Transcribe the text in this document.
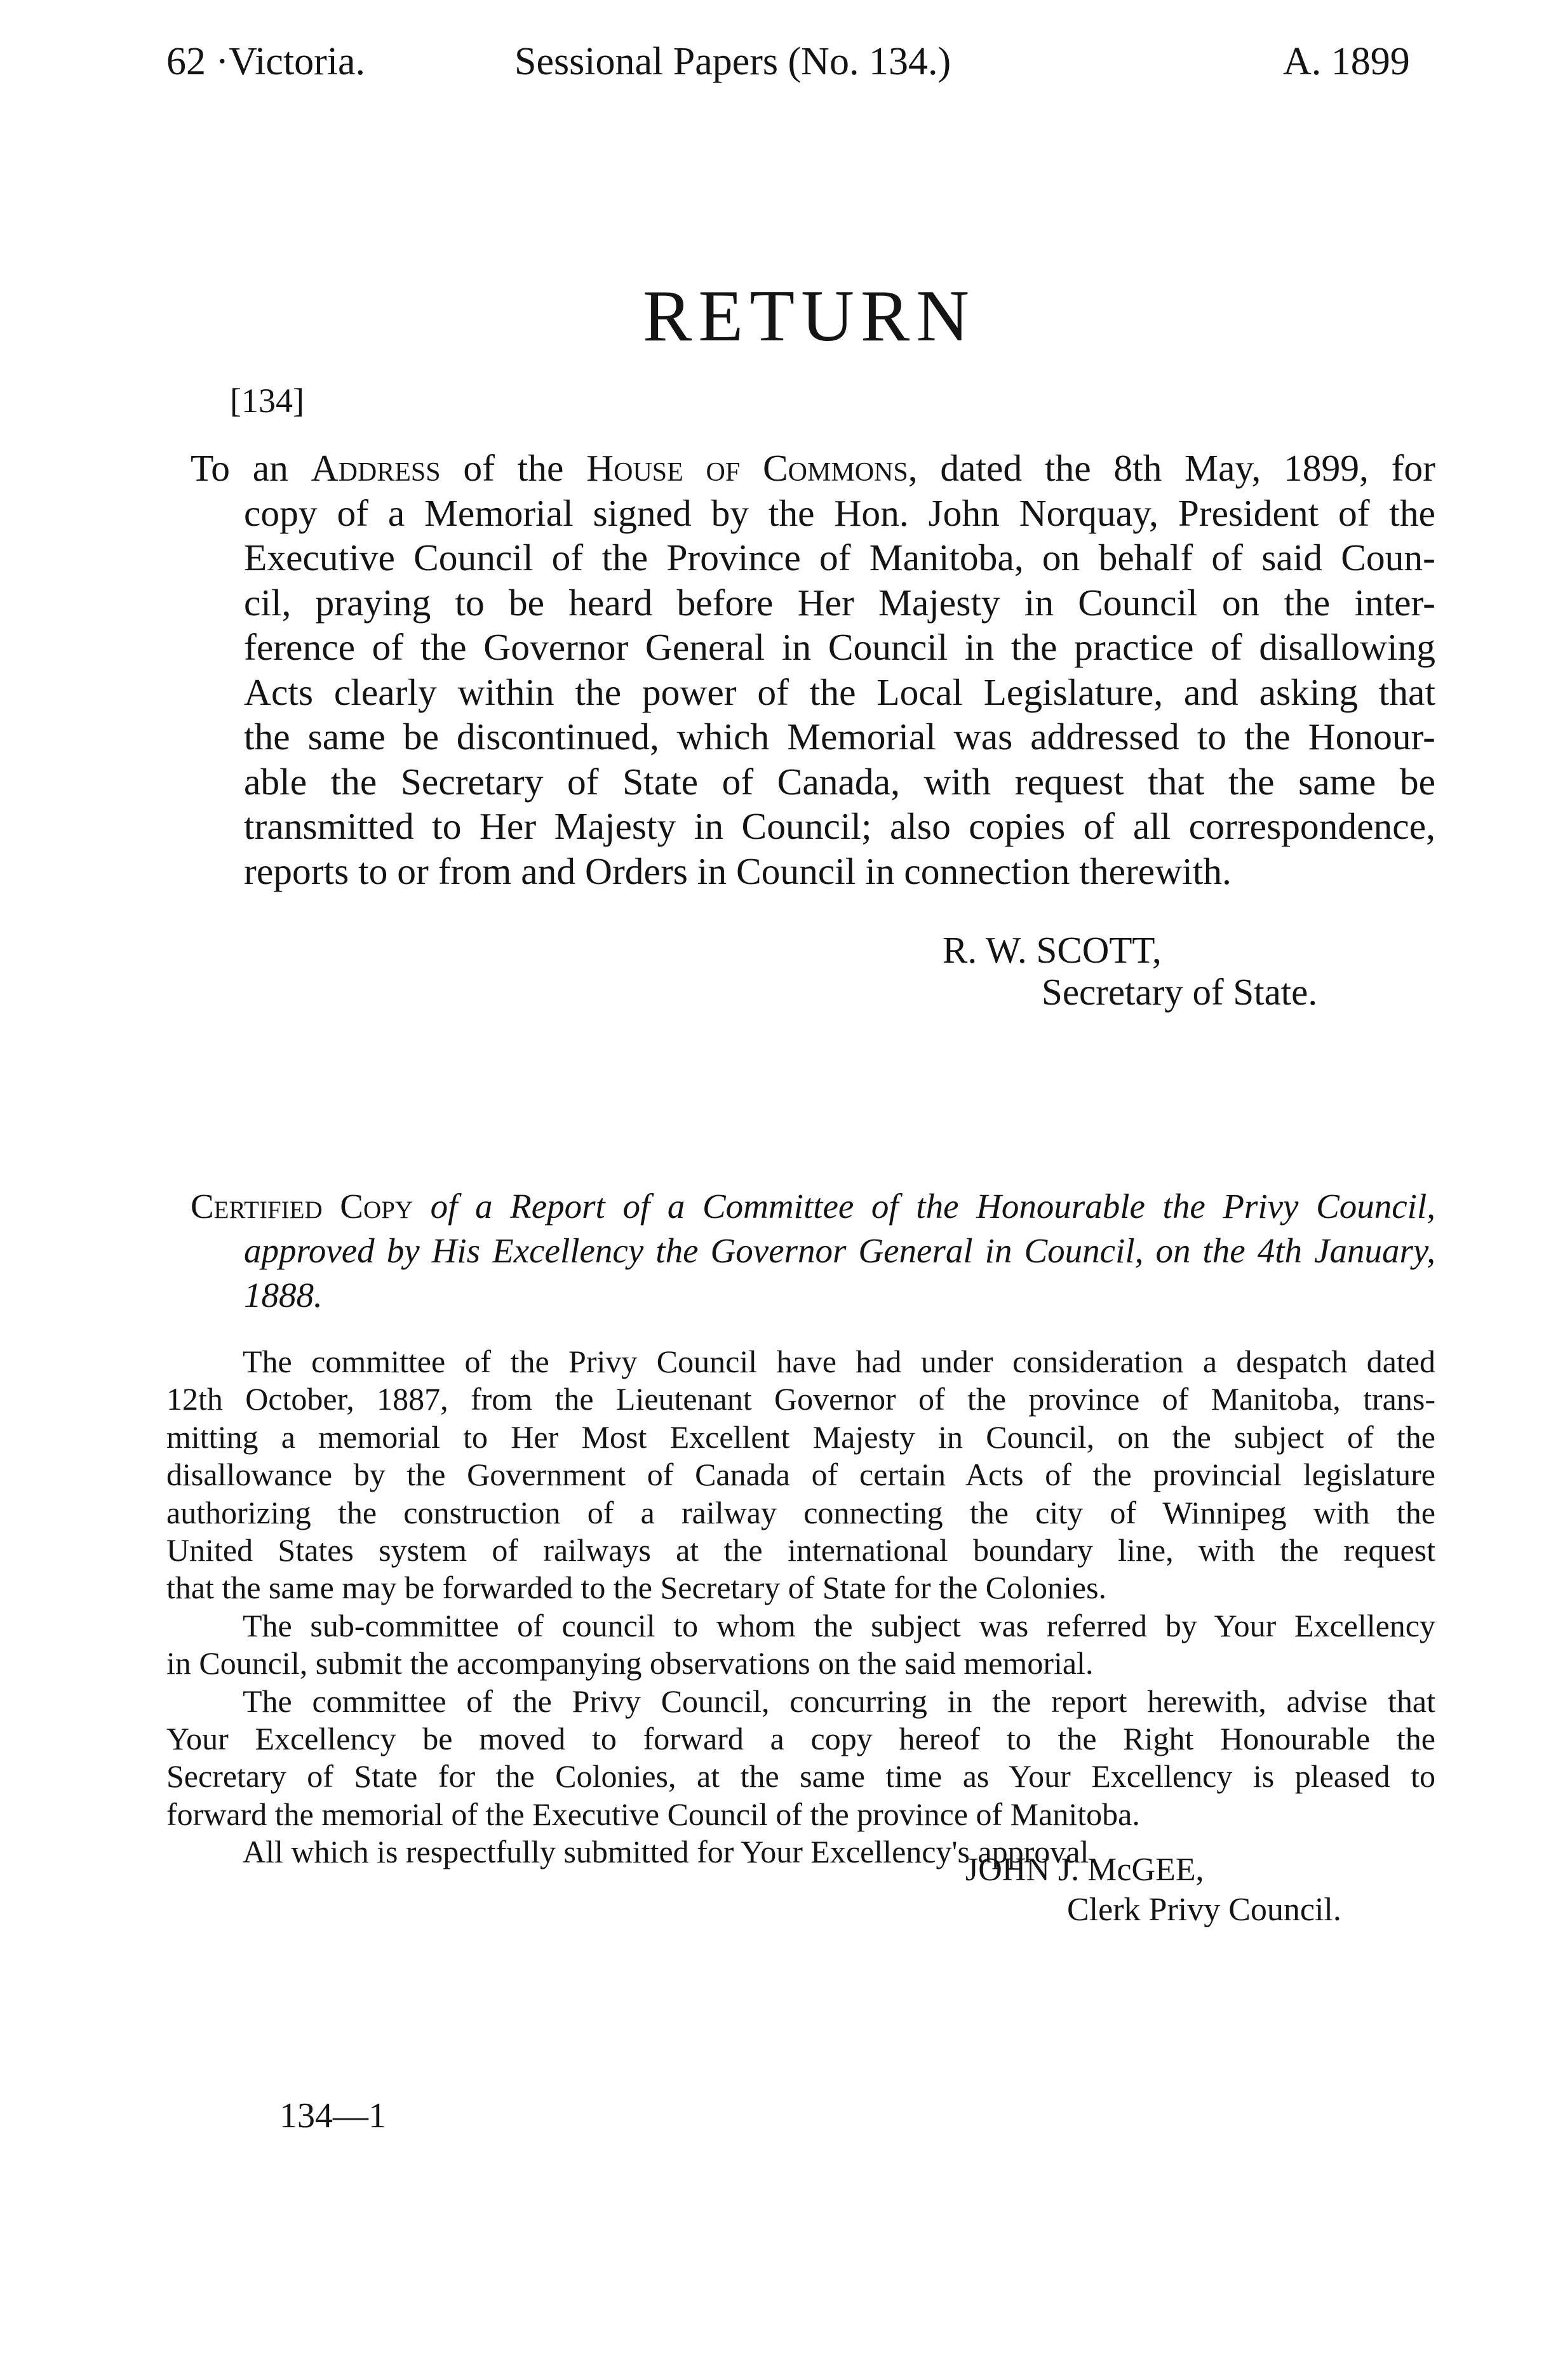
62 ·Victoria.	Sessional Papers (No. 134.)	A. 1899
RETURN
[134]
To an Address of the House of Commons, dated the 8th May, 1899, for
copy of a Memorial signed by the Hon. John Norquay, President of the
Executive Council of the Province of Manitoba, on behalf of said Coun-
cil, praying to be heard before Her Majesty in Council on the inter-
ference of the Governor General in Council in the practice of disallowing
Acts clearly within the power of the Local Legislature, and asking that
the same be discontinued, which Memorial was addressed to the Honour-
able the Secretary of State of Canada, with request that the same be
transmitted to Her Majesty in Council; also copies of all correspondence,
reports to or from and Orders in Council in connection therewith.
R. W. SCOTT,
Secretary of State.
Certified Copy of a Report of a Committee of the Honourable the Privy Council,
approved by His Excellency the Governor General in Council, on the 4th January,
1888.
The committee of the Privy Council have had under consideration a despatch dated
12th October, 1887, from the Lieutenant Governor of the province of Manitoba, trans-
mitting a memorial to Her Most Excellent Majesty in Council, on the subject of the
disallowance by the Government of Canada of certain Acts of the provincial legislature
authorizing the construction of a railway connecting the city of Winnipeg with the
United States system of railways at the international boundary line, with the request
that the same may be forwarded to the Secretary of State for the Colonies.
The sub-committee of council to whom the subject was referred by Your Excellency
in Council, submit the accompanying observations on the said memorial.
The committee of the Privy Council, concurring in the report herewith, advise that
Your Excellency be moved to forward a copy hereof to the Right Honourable the
Secretary of State for the Colonies, at the same time as Your Excellency is pleased to
forward the memorial of the Executive Council of the province of Manitoba.
All which is respectfully submitted for Your Excellency's approval.
JOHN J. McGEE,
Clerk Privy Council.
134—1
